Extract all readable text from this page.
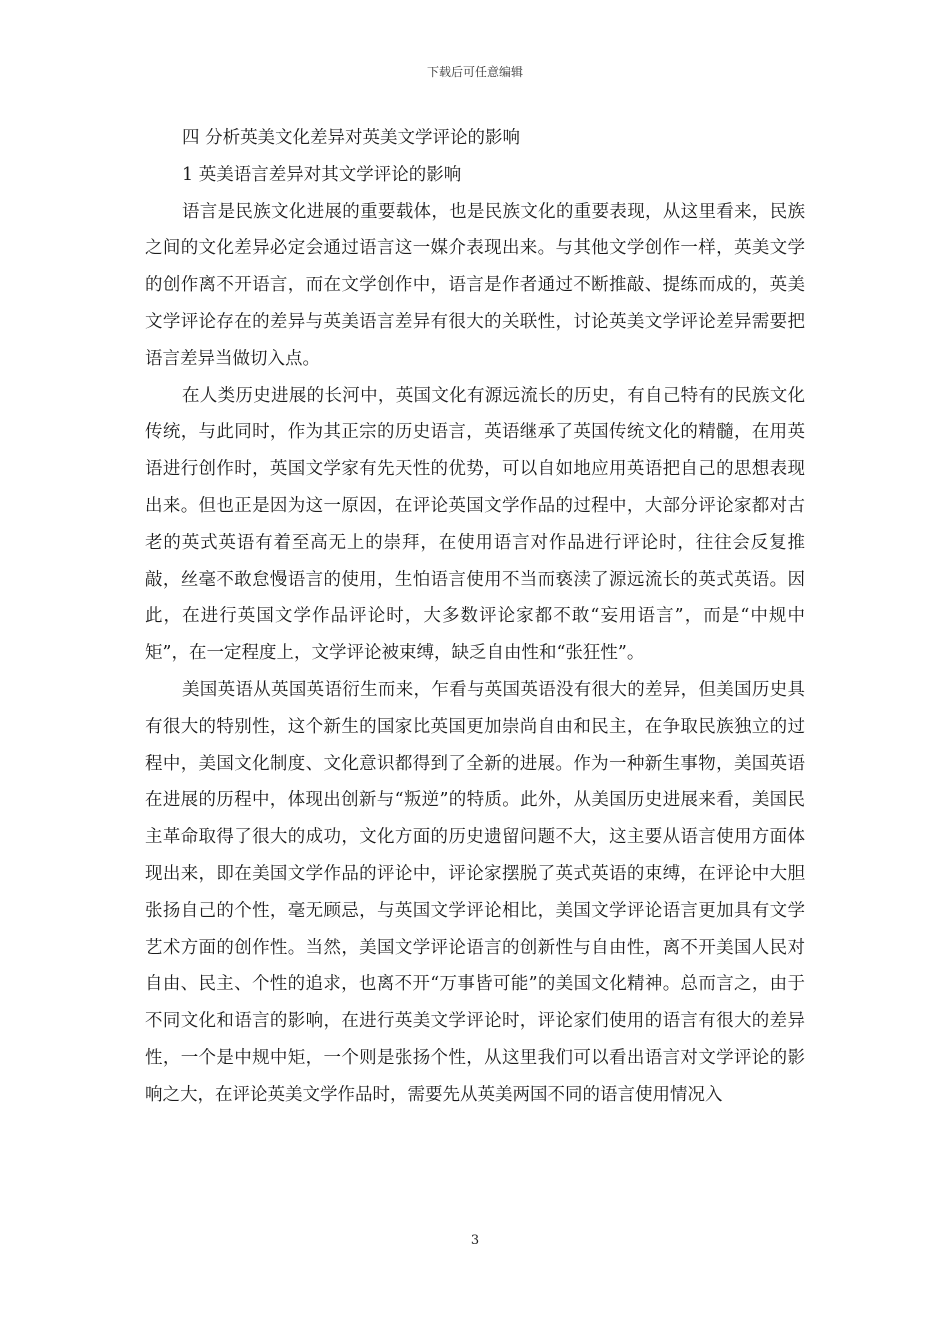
下载后可任意编辑

四 分析英美文化差异对英美文学评论的影响

1 英美语言差异对其文学评论的影响

语言是民族文化进展的重要载体，也是民族文化的重要表现，从这里看来，民族之间的文化差异必定会通过语言这一媒介表现出来。与其他文学创作一样，英美文学的创作离不开语言，而在文学创作中，语言是作者通过不断推敲、提练而成的，英美文学评论存在的差异与英美语言差异有很大的关联性，讨论英美文学评论差异需要把语言差异当做切入点。

在人类历史进展的长河中，英国文化有源远流长的历史，有自己特有的民族文化传统，与此同时，作为其正宗的历史语言，英语继承了英国传统文化的精髓，在用英语进行创作时，英国文学家有先天性的优势，可以自如地应用英语把自己的思想表现出来。但也正是因为这一原因，在评论英国文学作品的过程中，大部分评论家都对古老的英式英语有着至高无上的崇拜，在使用语言对作品进行评论时，往往会反复推敲，丝毫不敢怠慢语言的使用，生怕语言使用不当而亵渎了源远流长的英式英语。因此，在进行英国文学作品评论时，大多数评论家都不敢“妄用语言”，而是“中规中矩”，在一定程度上，文学评论被束缚，缺乏自由性和“张狂性”。

美国英语从英国英语衍生而来，乍看与英国英语没有很大的差异，但美国历史具有很大的特别性，这个新生的国家比英国更加崇尚自由和民主，在争取民族独立的过程中，美国文化制度、文化意识都得到了全新的进展。作为一种新生事物，美国英语在进展的历程中，体现出创新与“叛逆”的特质。此外，从美国历史进展来看，美国民主革命取得了很大的成功，文化方面的历史遗留问题不大，这主要从语言使用方面体现出来，即在美国文学作品的评论中，评论家摆脱了英式英语的束缚，在评论中大胆张扬自己的个性，毫无顾忌，与英国文学评论相比，美国文学评论语言更加具有文学艺术方面的创作性。当然，美国文学评论语言的创新性与自由性，离不开美国人民对自由、民主、个性的追求，也离不开“万事皆可能”的美国文化精神。总而言之，由于不同文化和语言的影响，在进行英美文学评论时，评论家们使用的语言有很大的差异性，一个是中规中矩，一个则是张扬个性，从这里我们可以看出语言对文学评论的影响之大，在评论英美文学作品时，需要先从英美两国不同的语言使用情况入

3
